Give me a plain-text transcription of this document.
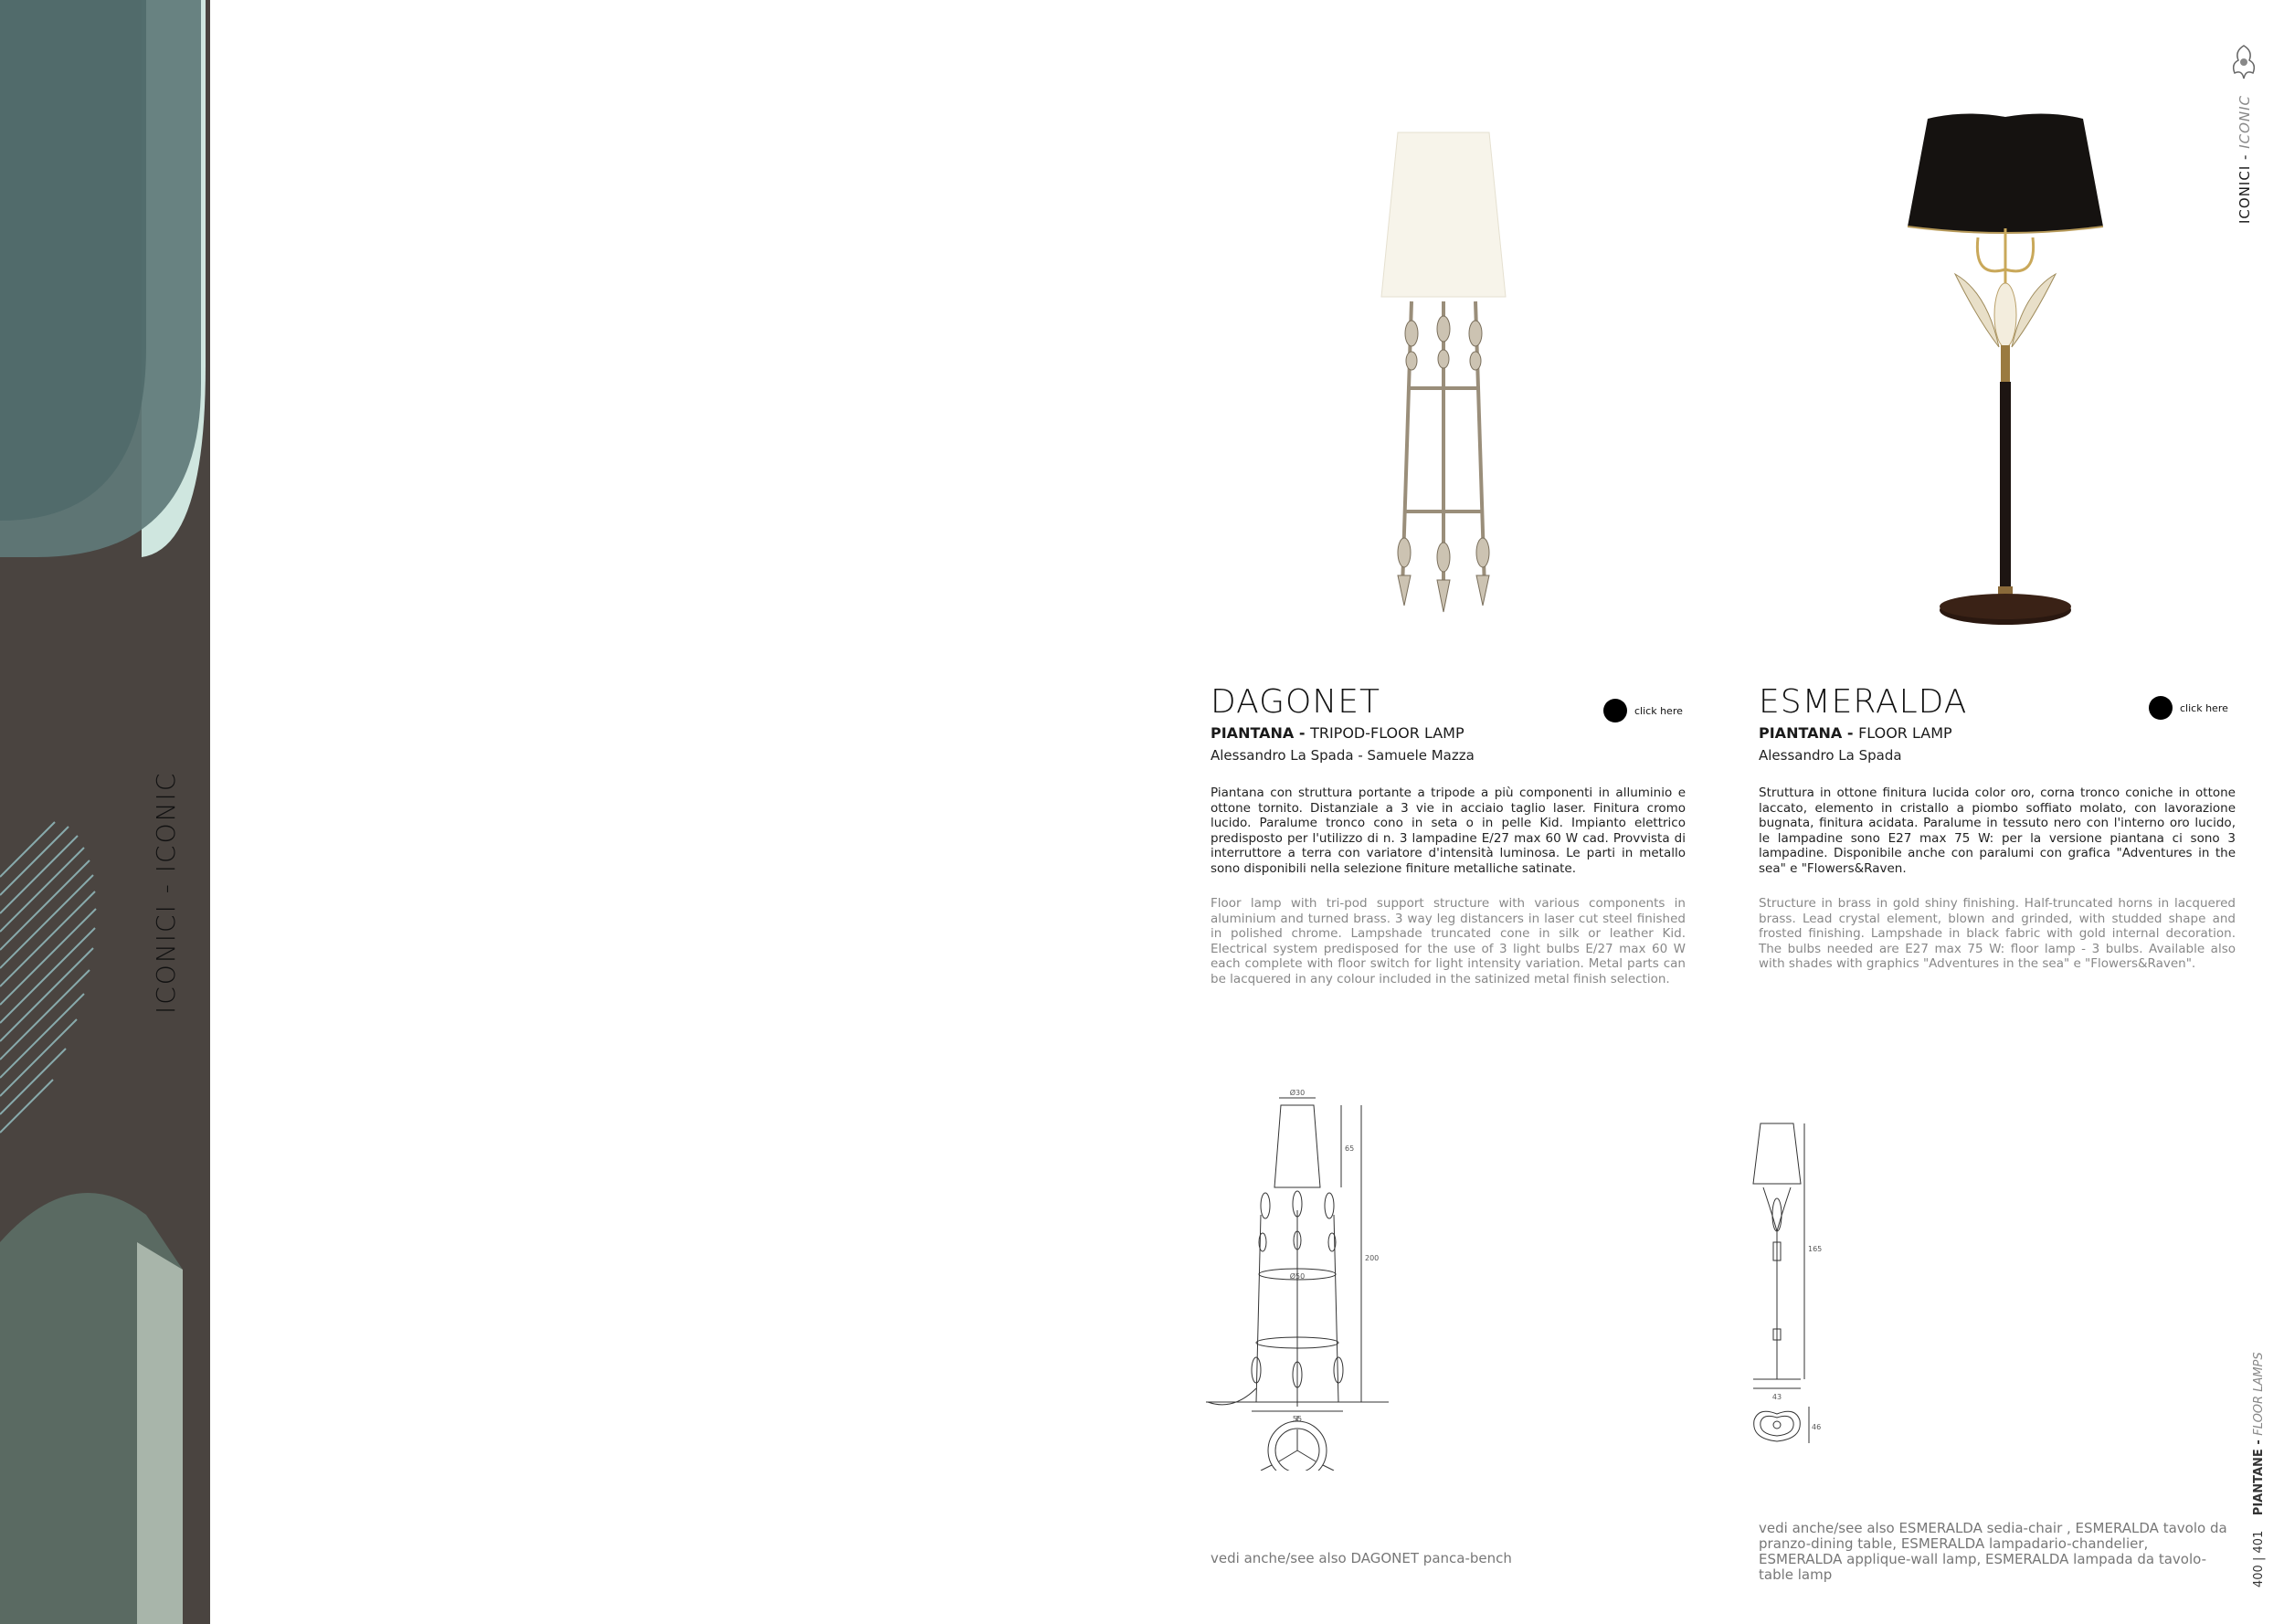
ICONICI - ICONIC
ICONICI - ICONIC
400 | 401    PIANTANE - FLOOR LAMPS
DAGONET
PIANTANA - TRIPOD-FLOOR LAMP
Alessandro La Spada - Samuele Mazza

Piantana con struttura portante a tripode a più componenti in alluminio e ottone tornito. Distanziale a 3 vie in acciaio taglio laser. Finitura cromo lucido. Paralume tronco cono in seta o in pelle Kid. Impianto elettrico predisposto per l'utilizzo di n. 3 lampadine E/27 max 60 W cad. Provvista di interruttore a terra con variatore d'intensità luminosa. Le parti in metallo sono disponibili nella selezione finiture metalliche satinate.

Floor lamp with tri-pod support structure with various components in aluminium and turned brass. 3 way leg distancers in laser cut steel finished in polished chrome. Lampshade truncated cone in silk or leather Kid. Electrical system predisposed for the use of 3 light bulbs E/27 max 60 W each complete with floor switch for light intensity variation. Metal parts can be lacquered in any colour included in the satinized metal finish selection.

click here ESMERALDA
PIANTANA - FLOOR LAMP
Alessandro La Spada

Struttura in ottone finitura lucida color oro, corna tronco coniche in ottone laccato, elemento in cristallo a piombo soffiato molato, con lavorazione bugnata, finitura acidata. Paralume in tessuto nero con l'interno oro lucido, le lampadine sono E27 max 75 W: per la versione piantana ci sono 3 lampadine. Disponibile anche con paralumi con grafica "Adventures in the sea" e "Flowers&Raven.

Structure in brass in gold shiny finishing. Half-truncated horns in lacquered brass. Lead crystal element, blown and grinded, with studded shape and frosted finishing. Lampshade in black fabric with gold internal decoration. The bulbs needed are E27 max 75 W: floor lamp - 3 bulbs. Available also with shades with graphics "Adventures in the sea" e "Flowers&Raven".

click here
Ø30
65
200
Ø50
55
165
43
46
vedi anche/see also DAGONET panca-bench
vedi anche/see also ESMERALDA sedia-chair , ESMERALDA tavolo da pranzo-dining table, ESMERALDA lampadario-chandelier, ESMERALDA applique-wall lamp, ESMERALDA lampada da tavolo-table lamp
